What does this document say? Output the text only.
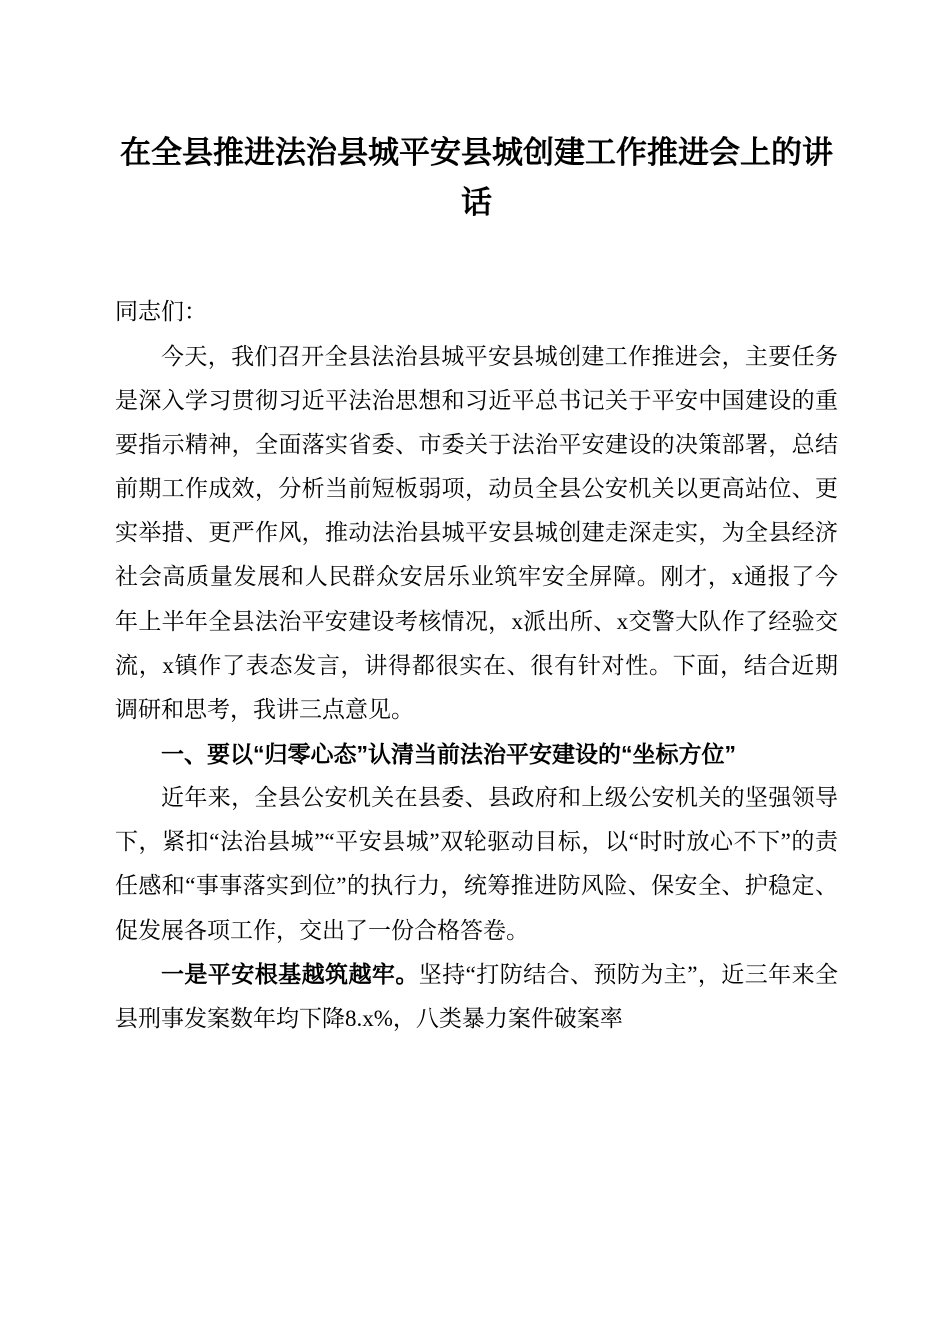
在全县推进法治县城平安县城创建工作推进会上的讲话

同志们：

今天，我们召开全县法治县城平安县城创建工作推进会，主要任务是深入学习贯彻习近平法治思想和习近平总书记关于平安中国建设的重要指示精神，全面落实省委、市委关于法治平安建设的决策部署，总结前期工作成效，分析当前短板弱项，动员全县公安机关以更高站位、更实举措、更严作风，推动法治县城平安县城创建走深走实，为全县经济社会高质量发展和人民群众安居乐业筑牢安全屏障。刚才，x通报了今年上半年全县法治平安建设考核情况，x派出所、x交警大队作了经验交流，x镇作了表态发言，讲得都很实在、很有针对性。下面，结合近期调研和思考，我讲三点意见。

一、要以“归零心态”认清当前法治平安建设的“坐标方位”

近年来，全县公安机关在县委、县政府和上级公安机关的坚强领导下，紧扣“法治县城”“平安县城”双轮驱动目标，以“时时放心不下”的责任感和“事事落实到位”的执行力，统筹推进防风险、保安全、护稳定、促发展各项工作，交出了一份合格答卷。

一是平安根基越筑越牢。坚持“打防结合、预防为主”，近三年来全县刑事发案数年均下降8.x%，八类暴力案件破案率
